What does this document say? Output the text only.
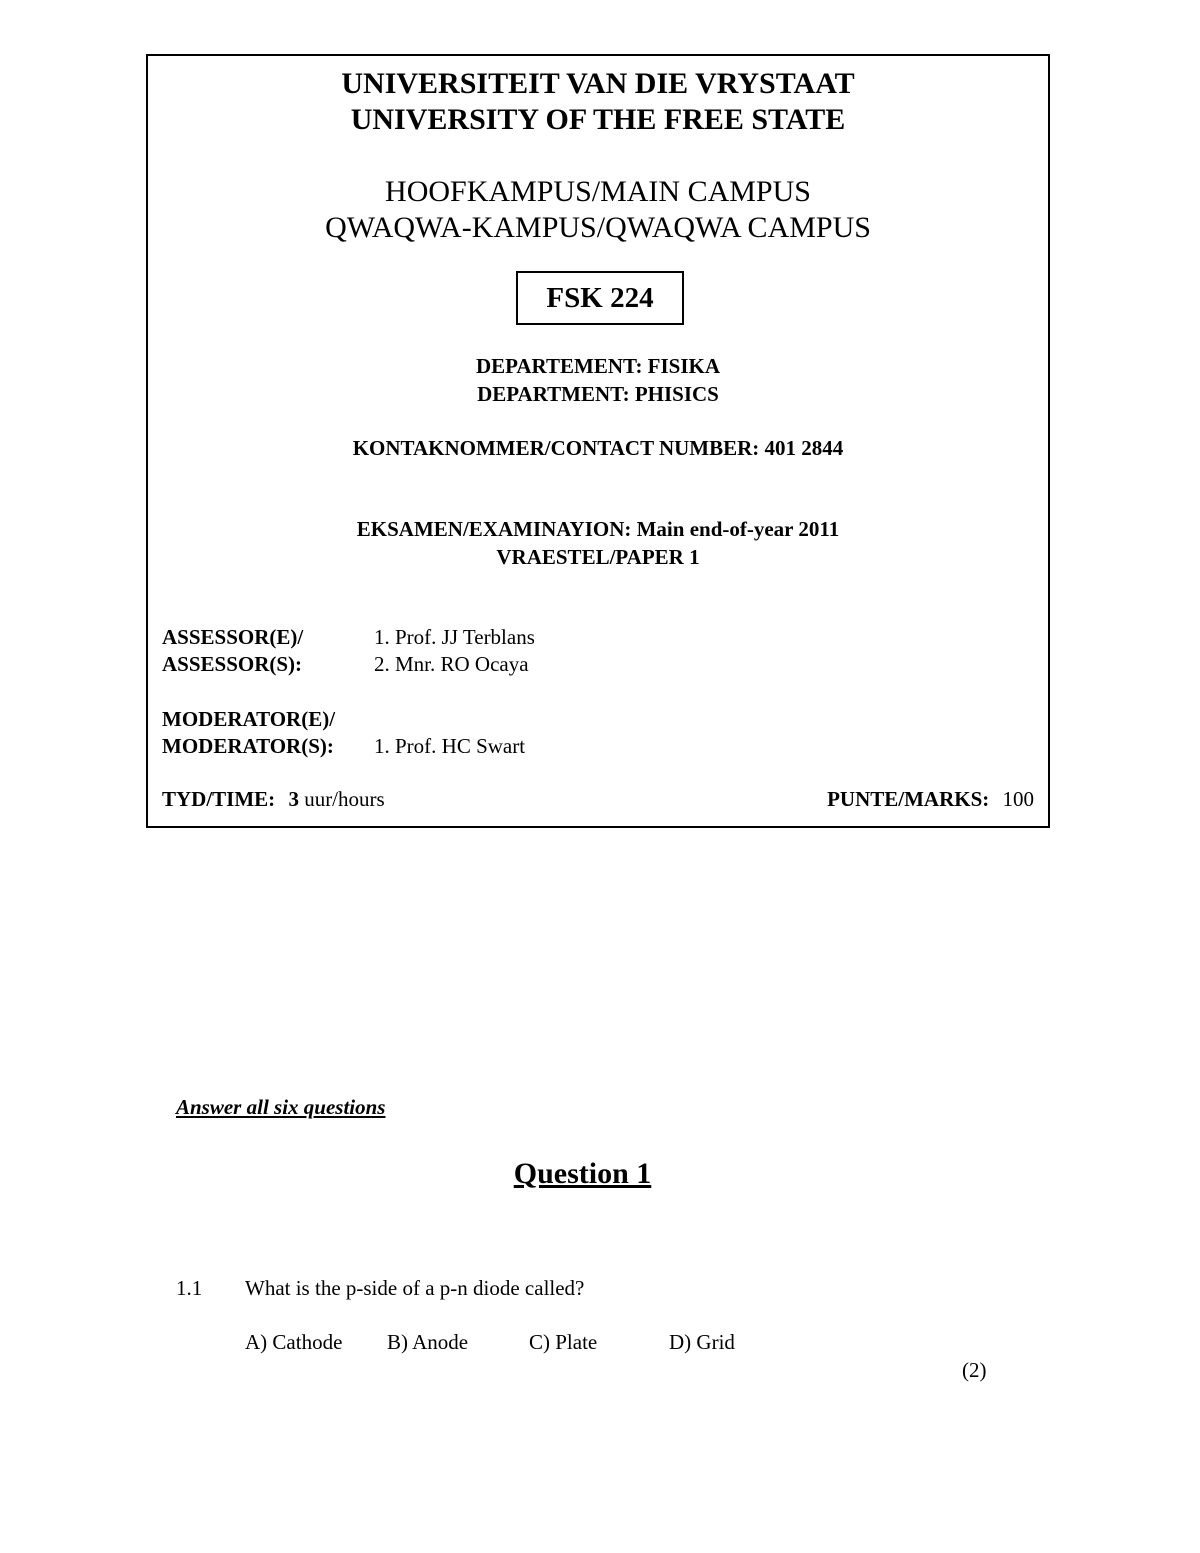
UNIVERSITEIT VAN DIE VRYSTAAT
UNIVERSITY OF THE FREE STATE
HOOFKAMPUS/MAIN CAMPUS
QWAQWA-KAMPUS/QWAQWA CAMPUS
FSK 224
DEPARTEMENT: FISIKA
DEPARTMENT: PHISICS
KONTAKNOMMER/CONTACT NUMBER: 401 2844
EKSAMEN/EXAMINAYION: Main end-of-year 2011
VRAESTEL/PAPER 1
ASSESSOR(E)/
ASSESSOR(S):
1. Prof. JJ Terblans
2. Mnr. RO Ocaya
MODERATOR(E)/
MODERATOR(S): 1. Prof. HC Swart
TYD/TIME: 3 uur/hours	PUNTE/MARKS: 100
Answer all six questions
Question 1
1.1 What is the p-side of a p-n diode called?
A) Cathode B) Anode	C) Plate	D) Grid
(2)
